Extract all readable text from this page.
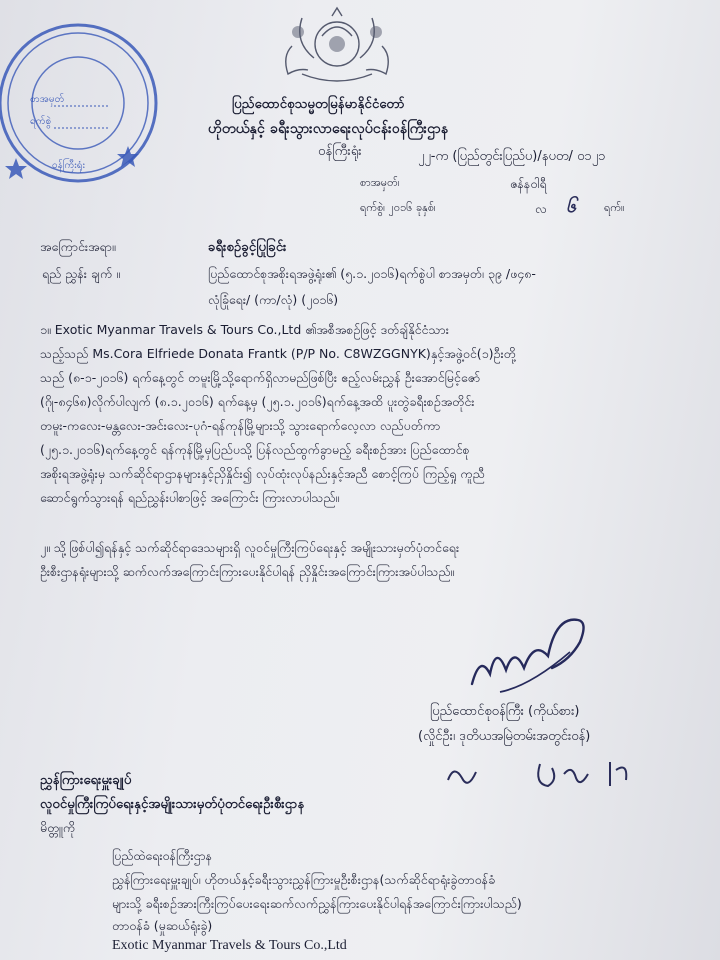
စာအမှတ်
ရက်စွဲ
ဝန်ကြီးရုံး
ပြည်ထောင်စုသမ္မတမြန်မာနိုင်ငံတော်
ဟိုတယ်နှင့် ခရီးသွားလာရေးလုပ်ငန်းဝန်ကြီးဌာန
ဝန်ကြီးရုံး	၂၂-က (ပြည်တွင်းပြည်ပ)/နပတ/ ၀၁၂၁
စာအမှတ်၊	ဇန်နဝါရီ
ရက်စွဲ၊ ၂၀၁၆ ခုနှစ်၊	လ ၆	ရက်။
အကြောင်းအရာ။	ခရီးစဉ်ခွင့်ပြုခြင်း
ရည် ညွှန်း ချက် ။	ပြည်ထောင်စုအစိုးရအဖွဲ့ရုံး၏ (၅.၁.၂၀၁၆)ရက်စွဲပါ စာအမှတ်၊ ၃၉ /ဖ၄၈-
လုံခြုံရေး/ (ကာ/လုံ) (၂၀၁၆)
၁။ Exotic Myanmar Travels & Tours Co.,Ltd ၏အစီအစဉ်ဖြင့် ဒတ်ချ်နိုင်ငံသား
သည့်သည် Ms.Cora Elfriede Donata Frantk (P/P No. C8WZGGNYK)နှင့်အဖွဲ့ဝင်(၁)ဦးတို့
သည် (၈-၁-၂၀၁၆) ရက်နေ့တွင် တမူးမြို့သို့ရောက်ရှိလာမည်ဖြစ်ပြီး ဧည့်လမ်းညွှန် ဦးအောင်မြင့်ဇော်
(ဂိုု-၈၄၆၈)လိုက်ပါလျက် (၈.၁.၂၀၁၆) ရက်နေ့မှ (၂၅.၁.၂၀၁၆)ရက်နေ့အထိ ပူးတွဲခရီးစဉ်အတိုင်း
တမူး-ကလေး-မန္တလေး-အင်းလေး-ပုဂံ-ရန်ကုန်မြို့များသို့ သွားရောက်လေ့လာ လည်ပတ်ကာ
(၂၅.၁.၂၀၁၆)ရက်နေ့တွင် ရန်ကုန်မြို့မှပြည်ပသို့ ပြန်လည်ထွက်ခွာမည့် ခရီးစဉ်အား ပြည်ထောင်စု
အစိုးရအဖွဲ့ရုံးမှ သက်ဆိုင်ရာဌာနများနှင့်ညှိနှိုင်း၍ လုပ်ထုံးလုပ်နည်းနှင့်အညီ စောင့်ကြပ် ကြည့်ရှု ကူညီ
ဆောင်ရွက်သွားရန် ရည်ညွှန်းပါစာဖြင့် အကြောင်း ကြားလာပါသည်။
၂။ သို့ဖြစ်ပါ၍ရန်နှင့် သက်ဆိုင်ရာဒေသများရှိ လူဝင်မှုကြီးကြပ်ရေးနှင့် အမျိုးသားမှတ်ပုံတင်ရေး
ဦးစီးဌာနရုံးများသို့ ဆက်လက်အကြောင်းကြားပေးနိုင်ပါရန် ညှိနှိုင်းအကြောင်းကြားအပ်ပါသည်။
ပြည်ထောင်စုဝန်ကြီး (ကိုယ်စား)
(လှိုင်ဦး၊ ဒုတိယအမြဲတမ်းအတွင်းဝန်)
ညွှန်ကြားရေးမှူးချုပ်
လူဝင်မှုကြီးကြပ်ရေးနှင့်အမျိုးသားမှတ်ပုံတင်ရေးဦးစီးဌာန
မိတ္တူကို
ပြည်ထဲရေးဝန်ကြီးဌာန
ညွှန်ကြားရေးမှူးချုပ်၊ ဟိုတယ်နှင့်ခရီးသွားညွှန်ကြားမှုဦးစီးဌာန(သက်ဆိုင်ရာရုံးခွဲတာဝန်ခံ
များသို့ ခရီးစဉ်အားကြီးကြပ်ပေးရေးဆက်လက်ညွှန်ကြားပေးနိုင်ပါရန်အကြောင်းကြားပါသည်)
တာဝန်ခံ (မှုဆယ်ရုံးခွဲ)
Exotic Myanmar Travels & Tours Co.,Ltd
